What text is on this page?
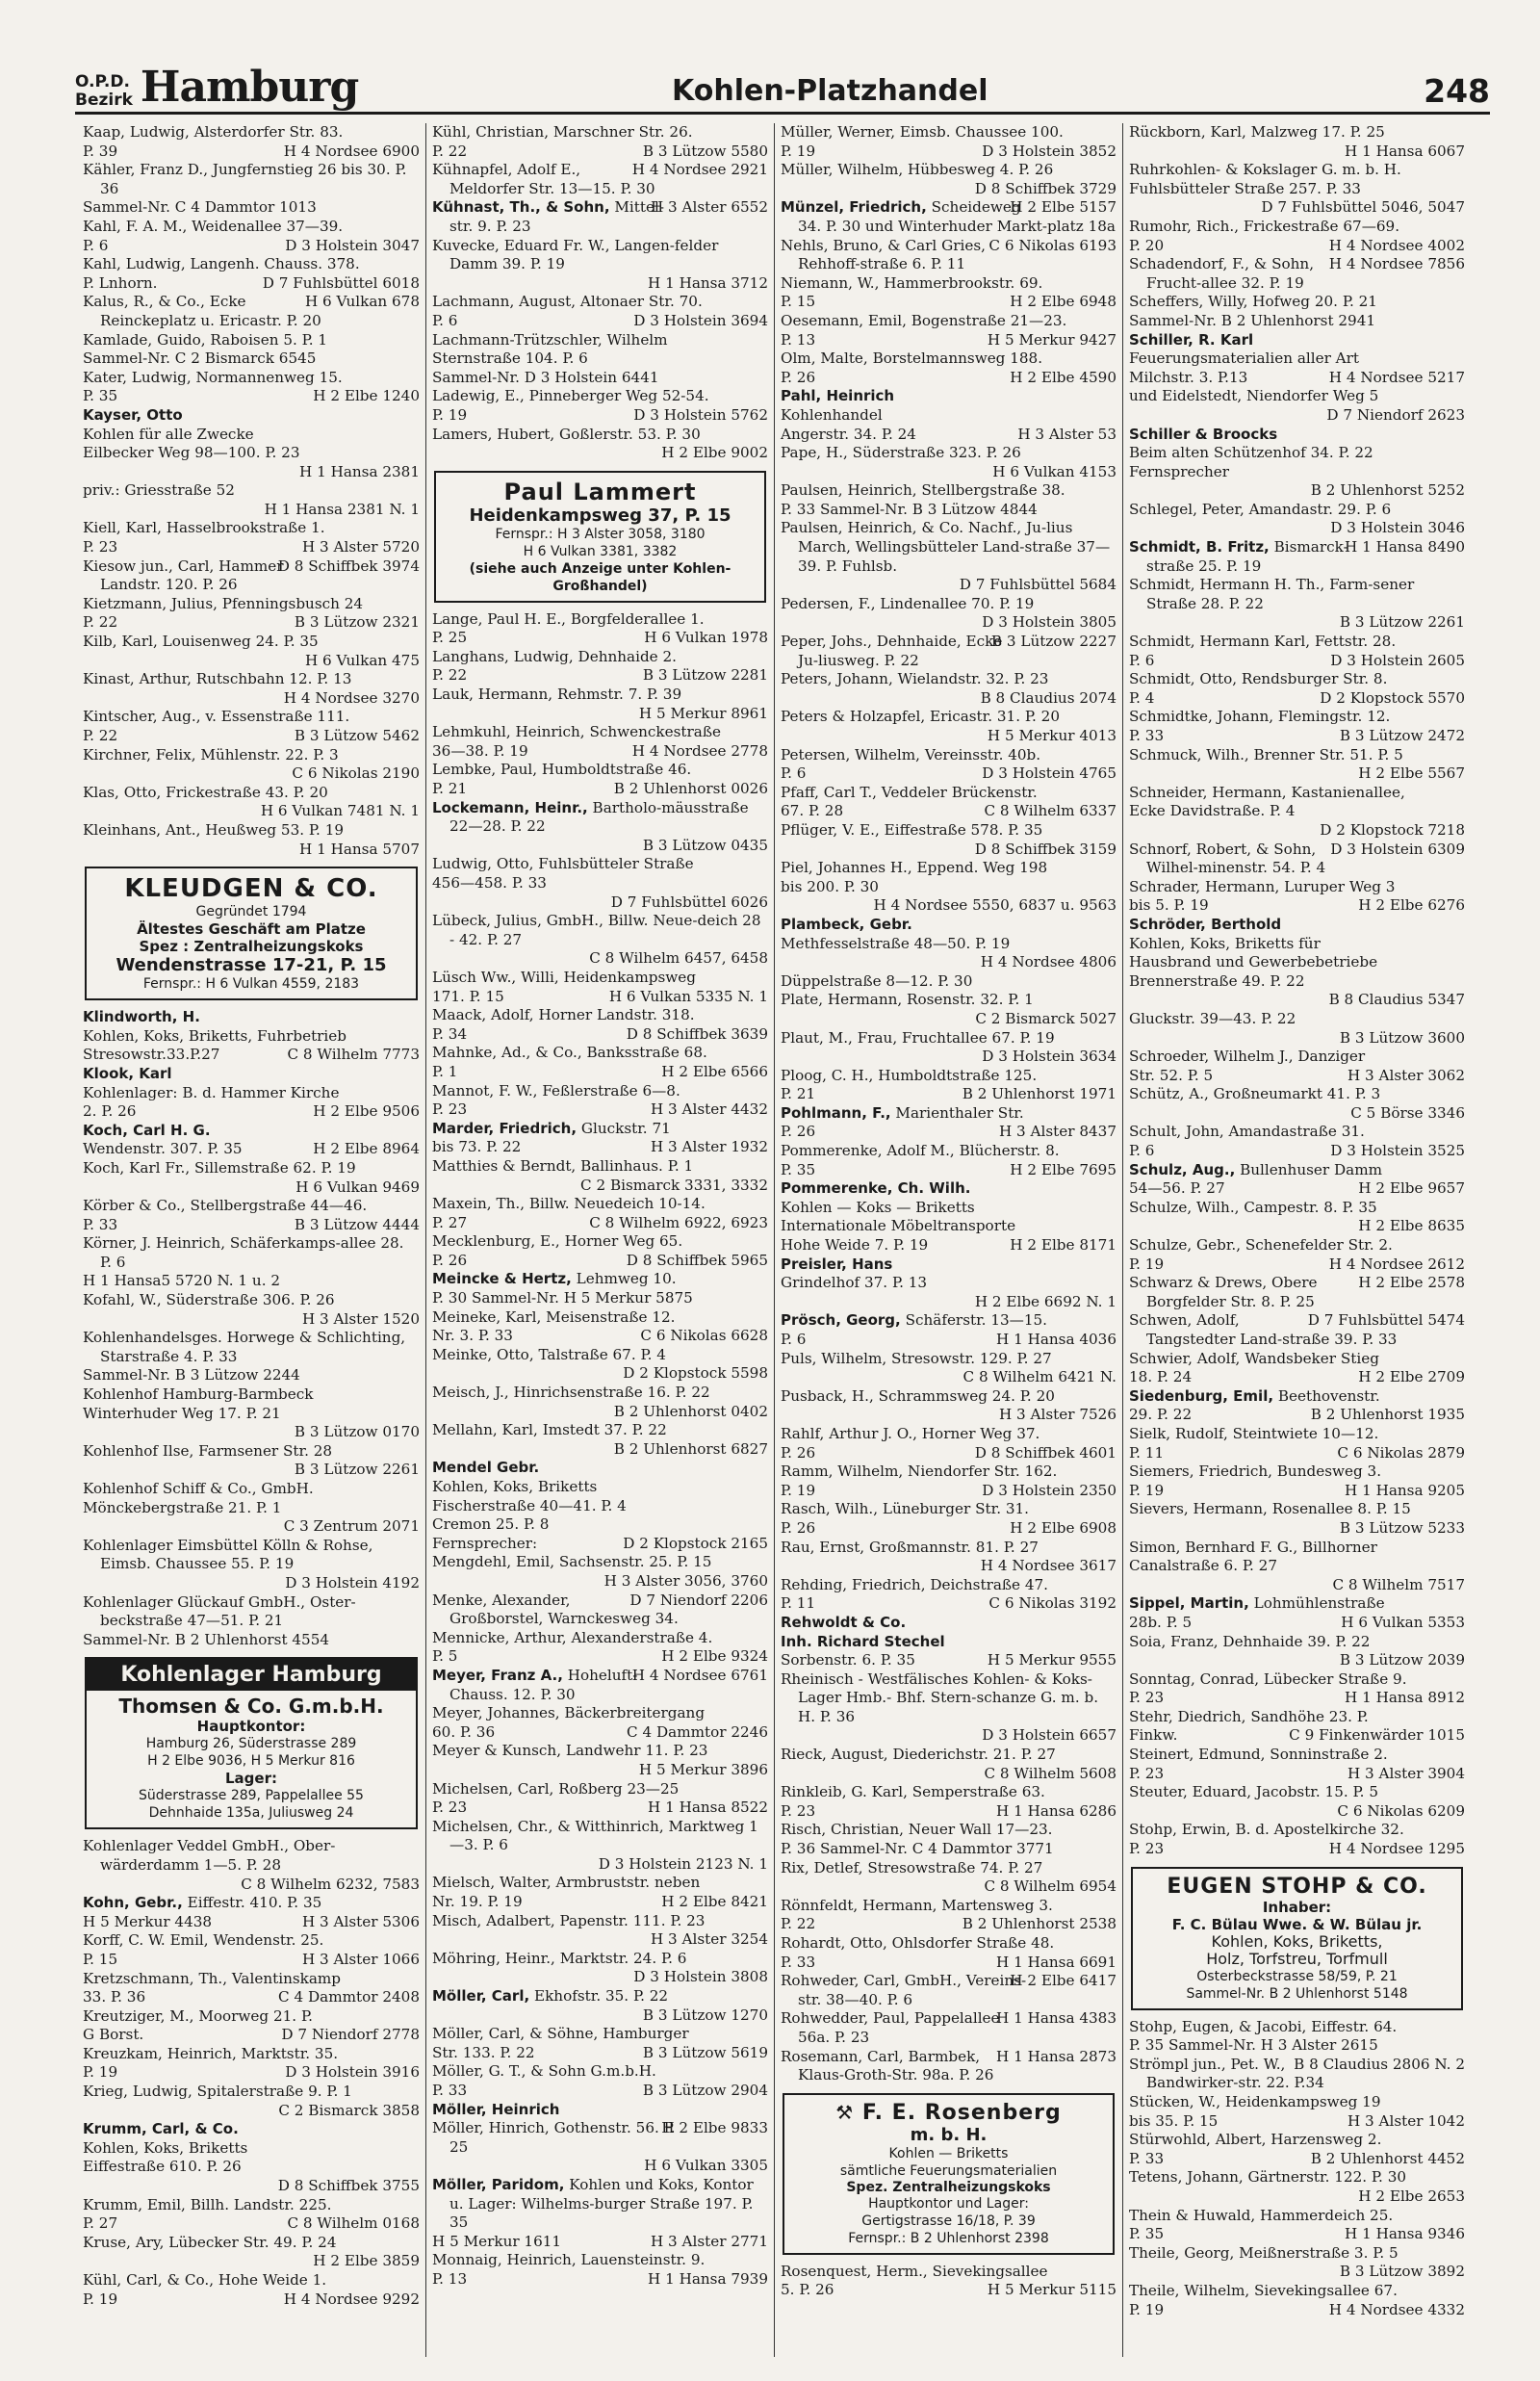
O.P.D.
Bezirk Hamburg	Kohlen-Platzhandel	248

Kaap, Ludwig, Alsterdorfer Str. 83.

H 4 Nordsee 6900
P. 39

Kähler, Franz D., Jungfernstieg 26 bis 30. P. 36

Sammel-Nr. C 4 Dammtor 1013

Kahl, F. A. M., Weidenallee 37—39.

D 3 Holstein 3047
P. 6

Kahl, Ludwig, Langenh. Chauss. 378.

D 7 Fuhlsbüttel 6018
P. Lnhorn.

H 6 Vulkan 678
Kalus, R., & Co., Ecke Reinckeplatz u. Ericastr. P. 20

Kamlade, Guido, Raboisen 5. P. 1

Sammel-Nr. C 2 Bismarck 6545

Kater, Ludwig, Normannenweg 15.

H 2 Elbe 1240
P. 35

Kayser, Otto

Kohlen für alle Zwecke

Eilbecker Weg 98—100. P. 23

H 1 Hansa 2381

priv.: Griesstraße 52

H 1 Hansa 2381 N. 1

Kiell, Karl, Hasselbrookstraße 1.

H 3 Alster 5720
P. 23

D 8 Schiffbek 3974
Kiesow jun., Carl, Hammer Landstr. 120. P. 26

Kietzmann, Julius, Pfenningsbusch 24

B 3 Lützow 2321
P. 22

Kilb, Karl, Louisenweg 24. P. 35

H 6 Vulkan 475

Kinast, Arthur, Rutschbahn 12. P. 13

H 4 Nordsee 3270

Kintscher, Aug., v. Essenstraße 111.

B 3 Lützow 5462
P. 22

Kirchner, Felix, Mühlenstr. 22. P. 3

C 6 Nikolas 2190

Klas, Otto, Frickestraße 43. P. 20

H 6 Vulkan 7481 N. 1

Kleinhans, Ant., Heußweg 53. P. 19

H 1 Hansa 5707

KLEUDGEN & CO.
Gegründet 1794
Ältestes Geschäft am Platze
Spez : Zentralheizungskoks
Wendenstrasse 17-21, P. 15
Fernspr.: H 6 Vulkan 4559, 2183

Klindworth, H.

Kohlen, Koks, Briketts, Fuhrbetrieb

C 8 Wilhelm 7773
Stresowstr.33.P.27

Klook, Karl

Kohlenlager: B. d. Hammer Kirche

H 2 Elbe 9506
2. P. 26

Koch, Carl H. G.

H 2 Elbe 8964
Wendenstr. 307. P. 35

Koch, Karl Fr., Sillemstraße 62. P. 19

H 6 Vulkan 9469

Körber & Co., Stellbergstraße 44—46.

B 3 Lützow 4444
P. 33

Körner, J. Heinrich, Schäferkamps-allee 28. P. 6

H 1 Hansa5 5720 N. 1 u. 2

Kofahl, W., Süderstraße 306. P. 26

H 3 Alster 1520

Kohlenhandelsges. Horwege & Schlichting, Starstraße 4. P. 33

Sammel-Nr. B 3 Lützow 2244

Kohlenhof Hamburg-Barmbeck

Winterhuder Weg 17. P. 21

B 3 Lützow 0170

Kohlenhof Ilse, Farmsener Str. 28

B 3 Lützow 2261

Kohlenhof Schiff & Co., GmbH.

Mönckebergstraße 21. P. 1

C 3 Zentrum 2071

Kohlenlager Eimsbüttel Kölln & Rohse, Eimsb. Chaussee 55. P. 19

D 3 Holstein 4192

Kohlenlager Glückauf GmbH., Oster-beckstraße 47—51. P. 21

Sammel-Nr. B 2 Uhlenhorst 4554

Kohlenlager Hamburg
Thomsen & Co. G.m.b.H.
Hauptkontor:
Hamburg 26, Süderstrasse 289
H 2 Elbe 9036, H 5 Merkur 816
Lager:
Süderstrasse 289, Pappelallee 55
Dehnhaide 135a, Juliusweg 24

Kohlenlager Veddel GmbH., Ober-wärderdamm 1—5. P. 28

C 8 Wilhelm 6232, 7583

Kohn, Gebr., Eiffestr. 410. P. 35

H 3 Alster 5306
H 5 Merkur 4438

Korff, C. W. Emil, Wendenstr. 25.

H 3 Alster 1066
P. 15

Kretzschmann, Th., Valentinskamp

C 4 Dammtor 2408
33. P. 36

Kreutziger, M., Moorweg 21. P.

D 7 Niendorf 2778
G Borst.

Kreuzkam, Heinrich, Marktstr. 35.

D 3 Holstein 3916
P. 19

Krieg, Ludwig, Spitalerstraße 9. P. 1

C 2 Bismarck 3858

Krumm, Carl, & Co.

Kohlen, Koks, Briketts

Eiffestraße 610. P. 26

D 8 Schiffbek 3755

Krumm, Emil, Billh. Landstr. 225.

C 8 Wilhelm 0168
P. 27

Kruse, Ary, Lübecker Str. 49. P. 24

H 2 Elbe 3859

Kühl, Carl, & Co., Hohe Weide 1.

H 4 Nordsee 9292
P. 19

Kühl, Christian, Marschner Str. 26.

B 3 Lützow 5580
P. 22

H 4 Nordsee 2921
Kühnapfel, Adolf E., Meldorfer Str. 13—15. P. 30

H 3 Alster 6552
Kühnast, Th., & Sohn, Mittel-str. 9. P. 23

Kuvecke, Eduard Fr. W., Langen-felder Damm 39. P. 19

H 1 Hansa 3712

Lachmann, August, Altonaer Str. 70.

D 3 Holstein 3694
P. 6

Lachmann-Trützschler, Wilhelm

Sternstraße 104. P. 6

Sammel-Nr. D 3 Holstein 6441

Ladewig, E., Pinneberger Weg 52-54.

D 3 Holstein 5762
P. 19

Lamers, Hubert, Goßlerstr. 53. P. 30

H 2 Elbe 9002

Paul Lammert
Heidenkampsweg 37, P. 15
Fernspr.: H 3 Alster 3058, 3180
H 6 Vulkan 3381, 3382
(siehe auch Anzeige unter Kohlen-Großhandel)

Lange, Paul H. E., Borgfelderallee 1.

H 6 Vulkan 1978
P. 25

Langhans, Ludwig, Dehnhaide 2.

B 3 Lützow 2281
P. 22

Lauk, Hermann, Rehmstr. 7. P. 39

H 5 Merkur 8961

Lehmkuhl, Heinrich, Schwenckestraße

H 4 Nordsee 2778
36—38. P. 19

Lembke, Paul, Humboldtstraße 46.

B 2 Uhlenhorst 0026
P. 21

Lockemann, Heinr., Bartholo-mäusstraße 22—28. P. 22

B 3 Lützow 0435

Ludwig, Otto, Fuhlsbütteler Straße

456—458. P. 33

D 7 Fuhlsbüttel 6026

Lübeck, Julius, GmbH., Billw. Neue-deich 28 - 42. P. 27

C 8 Wilhelm 6457, 6458

Lüsch Ww., Willi, Heidenkampsweg

H 6 Vulkan 5335 N. 1
171. P. 15

Maack, Adolf, Horner Landstr. 318.

D 8 Schiffbek 3639
P. 34

Mahnke, Ad., & Co., Banksstraße 68.

H 2 Elbe 6566
P. 1

Mannot, F. W., Feßlerstraße 6—8.

H 3 Alster 4432
P. 23

Marder, Friedrich, Gluckstr. 71

H 3 Alster 1932
bis 73. P. 22

Matthies & Berndt, Ballinhaus. P. 1

C 2 Bismarck 3331, 3332

Maxein, Th., Billw. Neuedeich 10-14.

C 8 Wilhelm 6922, 6923
P. 27

Mecklenburg, E., Horner Weg 65.

D 8 Schiffbek 5965
P. 26

Meincke & Hertz, Lehmweg 10.

P. 30 Sammel-Nr. H 5 Merkur 5875

Meineke, Karl, Meisenstraße 12.

C 6 Nikolas 6628
Nr. 3. P. 33

Meinke, Otto, Talstraße 67. P. 4

D 2 Klopstock 5598

Meisch, J., Hinrichsenstraße 16. P. 22

B 2 Uhlenhorst 0402

Mellahn, Karl, Imstedt 37. P. 22

B 2 Uhlenhorst 6827

Mendel Gebr.

Kohlen, Koks, Briketts

Fischerstraße 40—41. P. 4

Cremon 25. P. 8

D 2 Klopstock 2165
Fernsprecher:

Mengdehl, Emil, Sachsenstr. 25. P. 15

H 3 Alster 3056, 3760

D 7 Niendorf 2206
Menke, Alexander, Großborstel, Warnckesweg 34.

Mennicke, Arthur, Alexanderstraße 4.

H 2 Elbe 9324
P. 5

H 4 Nordsee 6761
Meyer, Franz A., Hoheluft-Chauss. 12. P. 30

Meyer, Johannes, Bäckerbreitergang

C 4 Dammtor 2246
60. P. 36

Meyer & Kunsch, Landwehr 11. P. 23

H 5 Merkur 3896

Michelsen, Carl, Roßberg 23—25

H 1 Hansa 8522
P. 23

Michelsen, Chr., & Witthinrich, Marktweg 1—3. P. 6

D 3 Holstein 2123 N. 1

Mielsch, Walter, Armbruststr. neben

H 2 Elbe 8421
Nr. 19. P. 19

Misch, Adalbert, Papenstr. 111. P. 23

H 3 Alster 3254

Möhring, Heinr., Marktstr. 24. P. 6

D 3 Holstein 3808

Möller, Carl, Ekhofstr. 35. P. 22

B 3 Lützow 1270

Möller, Carl, & Söhne, Hamburger

B 3 Lützow 5619
Str. 133. P. 22

Möller, G. T., & Sohn G.m.b.H.

B 3 Lützow 2904
P. 33

Möller, Heinrich

H 2 Elbe 9833
Möller, Hinrich, Gothenstr. 56. P. 25

H 6 Vulkan 3305

Möller, Paridom, Kohlen und Koks, Kontor u. Lager: Wilhelms-burger Straße 197. P. 35

H 3 Alster 2771
H 5 Merkur 1611

Monnaig, Heinrich, Lauensteinstr. 9.

H 1 Hansa 7939
P. 13

Müller, Werner, Eimsb. Chaussee 100.

D 3 Holstein 3852
P. 19

Müller, Wilhelm, Hübbesweg 4. P. 26

D 8 Schiffbek 3729

H 2 Elbe 5157
Münzel, Friedrich, Scheideweg 34. P. 30 und Winterhuder Markt-platz 18a

C 6 Nikolas 6193
Nehls, Bruno, & Carl Gries, Rehhoff-straße 6. P. 11

Niemann, W., Hammerbrookstr. 69.

H 2 Elbe 6948
P. 15

Oesemann, Emil, Bogenstraße 21—23.

H 5 Merkur 9427
P. 13

Olm, Malte, Borstelmannsweg 188.

H 2 Elbe 4590
P. 26

Pahl, Heinrich

Kohlenhandel

H 3 Alster 53
Angerstr. 34. P. 24

Pape, H., Süderstraße 323. P. 26

H 6 Vulkan 4153

Paulsen, Heinrich, Stellbergstraße 38.

P. 33 Sammel-Nr. B 3 Lützow 4844

Paulsen, Heinrich, & Co. Nachf., Ju-lius March, Wellingsbütteler Land-straße 37—39. P. Fuhlsb.

D 7 Fuhlsbüttel 5684

Pedersen, F., Lindenallee 70. P. 19

D 3 Holstein 3805

B 3 Lützow 2227
Peper, Johs., Dehnhaide, Ecke Ju-liusweg. P. 22

Peters, Johann, Wielandstr. 32. P. 23

B 8 Claudius 2074

Peters & Holzapfel, Ericastr. 31. P. 20

H 5 Merkur 4013

Petersen, Wilhelm, Vereinsstr. 40b.

D 3 Holstein 4765
P. 6

Pfaff, Carl T., Veddeler Brückenstr.

C 8 Wilhelm 6337
67. P. 28

Pflüger, V. E., Eiffestraße 578. P. 35

D 8 Schiffbek 3159

Piel, Johannes H., Eppend. Weg 198

bis 200. P. 30

H 4 Nordsee 5550, 6837 u. 9563

Plambeck, Gebr.

Methfesselstraße 48—50. P. 19

H 4 Nordsee 4806

Düppelstraße 8—12. P. 30

Plate, Hermann, Rosenstr. 32. P. 1

C 2 Bismarck 5027

Plaut, M., Frau, Fruchtallee 67. P. 19

D 3 Holstein 3634

Ploog, C. H., Humboldtstraße 125.

B 2 Uhlenhorst 1971
P. 21

Pohlmann, F., Marienthaler Str.

H 3 Alster 8437
P. 26

Pommerenke, Adolf M., Blücherstr. 8.

H 2 Elbe 7695
P. 35

Pommerenke, Ch. Wilh.

Kohlen — Koks — Briketts

Internationale Möbeltransporte

H 2 Elbe 8171
Hohe Weide 7. P. 19

Preisler, Hans

Grindelhof 37. P. 13

H 2 Elbe 6692 N. 1

Prösch, Georg, Schäferstr. 13—15.

H 1 Hansa 4036
P. 6

Puls, Wilhelm, Stresowstr. 129. P. 27

C 8 Wilhelm 6421 N.

Pusback, H., Schrammsweg 24. P. 20

H 3 Alster 7526

Rahlf, Arthur J. O., Horner Weg 37.

D 8 Schiffbek 4601
P. 26

Ramm, Wilhelm, Niendorfer Str. 162.

D 3 Holstein 2350
P. 19

Rasch, Wilh., Lüneburger Str. 31.

H 2 Elbe 6908
P. 26

Rau, Ernst, Großmannstr. 81. P. 27

H 4 Nordsee 3617

Rehding, Friedrich, Deichstraße 47.

C 6 Nikolas 3192
P. 11

Rehwoldt & Co.

Inh. Richard Stechel

H 5 Merkur 9555
Sorbenstr. 6. P. 35

Rheinisch - Westfälisches Kohlen- & Koks-Lager Hmb.- Bhf. Stern-schanze G. m. b. H. P. 36

D 3 Holstein 6657

Rieck, August, Diederichstr. 21. P. 27

C 8 Wilhelm 5608

Rinkleib, G. Karl, Semperstraße 63.

H 1 Hansa 6286
P. 23

Risch, Christian, Neuer Wall 17—23.

P. 36 Sammel-Nr. C 4 Dammtor 3771

Rix, Detlef, Stresowstraße 74. P. 27

C 8 Wilhelm 6954

Rönnfeldt, Hermann, Martensweg 3.

B 2 Uhlenhorst 2538
P. 22

Rohardt, Otto, Ohlsdorfer Straße 48.

H 1 Hansa 6691
P. 33

H 2 Elbe 6417
Rohweder, Carl, GmbH., Vereins-str. 38—40. P. 6

H 1 Hansa 4383
Rohwedder, Paul, Pappelallee 56a. P. 23

H 1 Hansa 2873
Rosemann, Carl, Barmbek, Klaus-Groth-Str. 98a. P. 26

⚒ F. E. Rosenberg
m. b. H.
Kohlen — Briketts
sämtliche Feuerungsmaterialien
Spez. Zentralheizungskoks
Hauptkontor und Lager:
Gertigstrasse 16/18, P. 39
Fernspr.: B 2 Uhlenhorst 2398

Rosenquest, Herm., Sievekingsallee

H 5 Merkur 5115
5. P. 26

Rückborn, Karl, Malzweg 17. P. 25

H 1 Hansa 6067

Ruhrkohlen- & Kokslager G. m. b. H.

Fuhlsbütteler Straße 257. P. 33

D 7 Fuhlsbüttel 5046, 5047

Rumohr, Rich., Frickestraße 67—69.

H 4 Nordsee 4002
P. 20

H 4 Nordsee 7856
Schadendorf, F., & Sohn, Frucht-allee 32. P. 19

Scheffers, Willy, Hofweg 20. P. 21

Sammel-Nr. B 2 Uhlenhorst 2941

Schiller, R. Karl

Feuerungsmaterialien aller Art

H 4 Nordsee 5217
Milchstr. 3. P.13

und Eidelstedt, Niendorfer Weg 5

D 7 Niendorf 2623

Schiller & Broocks

Beim alten Schützenhof 34. P. 22

Fernsprecher

B 2 Uhlenhorst 5252

Schlegel, Peter, Amandastr. 29. P. 6

D 3 Holstein 3046

H 1 Hansa 8490
Schmidt, B. Fritz, Bismarck-straße 25. P. 19

Schmidt, Hermann H. Th., Farm-sener Straße 28. P. 22

B 3 Lützow 2261

Schmidt, Hermann Karl, Fettstr. 28.

D 3 Holstein 2605
P. 6

Schmidt, Otto, Rendsburger Str. 8.

D 2 Klopstock 5570
P. 4

Schmidtke, Johann, Flemingstr. 12.

B 3 Lützow 2472
P. 33

Schmuck, Wilh., Brenner Str. 51. P. 5

H 2 Elbe 5567

Schneider, Hermann, Kastanienallee,

Ecke Davidstraße. P. 4

D 2 Klopstock 7218

D 3 Holstein 6309
Schnorf, Robert, & Sohn, Wilhel-minenstr. 54. P. 4

Schrader, Hermann, Luruper Weg 3

H 2 Elbe 6276
bis 5. P. 19

Schröder, Berthold

Kohlen, Koks, Briketts für

Hausbrand und Gewerbebetriebe

Brennerstraße 49. P. 22

B 8 Claudius 5347

Gluckstr. 39—43. P. 22

B 3 Lützow 3600

Schroeder, Wilhelm J., Danziger

H 3 Alster 3062
Str. 52. P. 5

Schütz, A., Großneumarkt 41. P. 3

C 5 Börse 3346

Schult, John, Amandastraße 31.

D 3 Holstein 3525
P. 6

Schulz, Aug., Bullenhuser Damm

H 2 Elbe 9657
54—56. P. 27

Schulze, Wilh., Campestr. 8. P. 35

H 2 Elbe 8635

Schulze, Gebr., Schenefelder Str. 2.

H 4 Nordsee 2612
P. 19

H 2 Elbe 2578
Schwarz & Drews, Obere Borgfelder Str. 8. P. 25

D 7 Fuhlsbüttel 5474
Schwen, Adolf, Tangstedter Land-straße 39. P. 33

Schwier, Adolf, Wandsbeker Stieg

H 2 Elbe 2709
18. P. 24

Siedenburg, Emil, Beethovenstr.

B 2 Uhlenhorst 1935
29. P. 22

Sielk, Rudolf, Steintwiete 10—12.

C 6 Nikolas 2879
P. 11

Siemers, Friedrich, Bundesweg 3.

H 1 Hansa 9205
P. 19

Sievers, Hermann, Rosenallee 8. P. 15

B 3 Lützow 5233

Simon, Bernhard F. G., Billhorner

Canalstraße 6. P. 27

C 8 Wilhelm 7517

Sippel, Martin, Lohmühlenstraße

H 6 Vulkan 5353
28b. P. 5

Soia, Franz, Dehnhaide 39. P. 22

B 3 Lützow 2039

Sonntag, Conrad, Lübecker Straße 9.

H 1 Hansa 8912
P. 23

Stehr, Diedrich, Sandhöhe 23. P.

C 9 Finkenwärder 1015
Finkw.

Steinert, Edmund, Sonninstraße 2.

H 3 Alster 3904
P. 23

Steuter, Eduard, Jacobstr. 15. P. 5

C 6 Nikolas 6209

Stohp, Erwin, B. d. Apostelkirche 32.

H 4 Nordsee 1295
P. 23

EUGEN STOHP & CO.
Inhaber:
F. C. Bülau Wwe. & W. Bülau jr.
Kohlen, Koks, Briketts,
Holz, Torfstreu, Torfmull
Osterbeckstrasse 58/59, P. 21
Sammel-Nr. B 2 Uhlenhorst 5148

Stohp, Eugen, & Jacobi, Eiffestr. 64.

P. 35 Sammel-Nr. H 3 Alster 2615

B 8 Claudius 2806 N. 2
Strömpl jun., Pet. W., Bandwirker-str. 22. P.34

Stücken, W., Heidenkampsweg 19

H 3 Alster 1042
bis 35. P. 15

Stürwohld, Albert, Harzensweg 2.

B 2 Uhlenhorst 4452
P. 33

Tetens, Johann, Gärtnerstr. 122. P. 30

H 2 Elbe 2653

Thein & Huwald, Hammerdeich 25.

H 1 Hansa 9346
P. 35

Theile, Georg, Meißnerstraße 3. P. 5

B 3 Lützow 3892

Theile, Wilhelm, Sievekingsallee 67.

H 4 Nordsee 4332
P. 19
